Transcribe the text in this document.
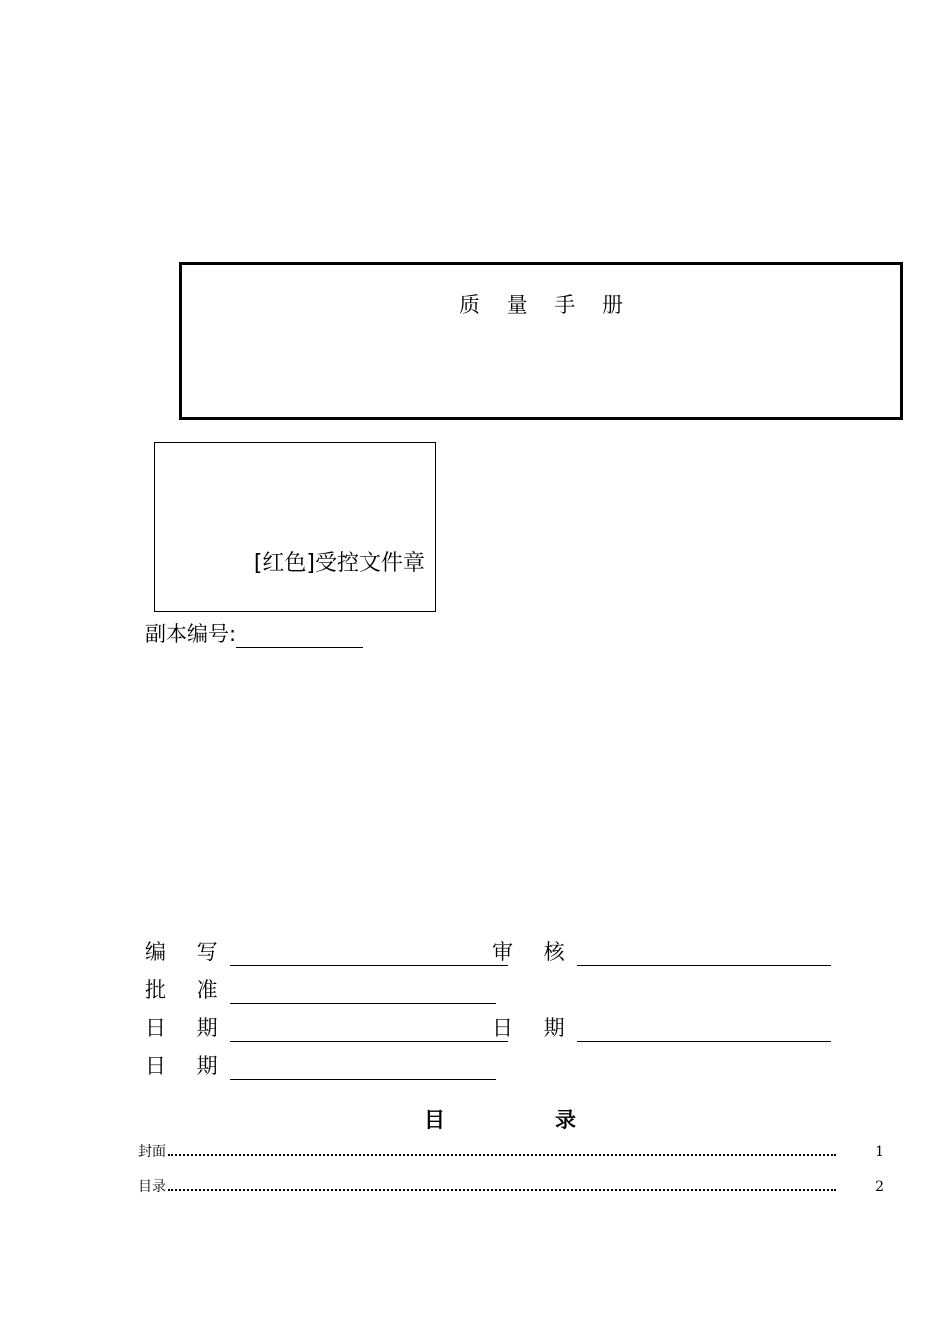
质 量 手 册
[红色]受控文件章
副本编号:
编 写	审 核
批 准
日 期	日 期
日 期
目	录
封面	1
目录	2
